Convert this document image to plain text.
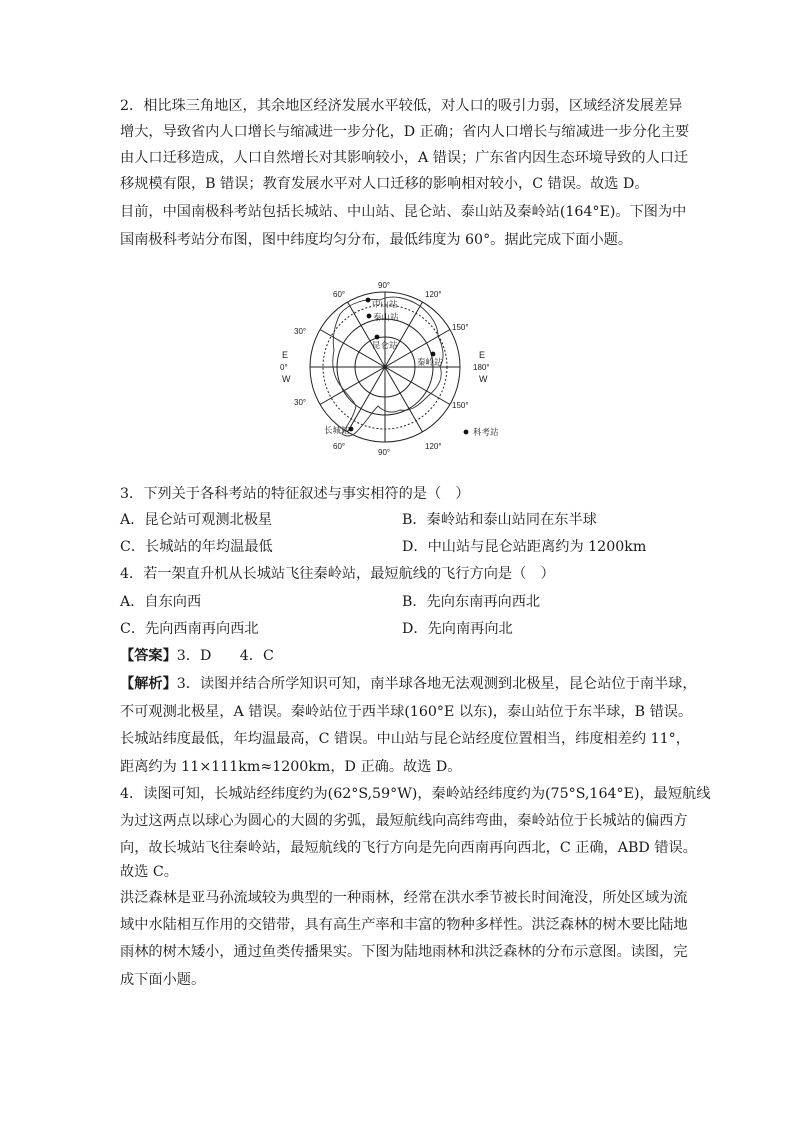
2．相比珠三角地区，其余地区经济发展水平较低，对人口的吸引力弱，区域经济发展差异
增大，导致省内人口增长与缩减进一步分化，D 正确；省内人口增长与缩减进一步分化主要
由人口迁移造成，人口自然增长对其影响较小，A 错误；广东省内因生态环境导致的人口迁
移规模有限，B 错误；教育发展水平对人口迁移的影响相对较小，C 错误。故选 D。
目前，中国南极科考站包括长城站、中山站、昆仑站、泰山站及秦岭站(164°E)。下图为中
国南极科考站分布图，图中纬度均匀分布，最低纬度为 60°。据此完成下面小题。
中山站
泰山站
昆仑站
秦岭站
长城站	科考站
90°
90°
60°	120°
30°	150°
30°	150°
60°	120°
E
0°
W
E
180°
W
3．下列关于各科考站的特征叙述与事实相符的是（　）
A．昆仑站可观测北极星	B．秦岭站和泰山站同在东半球
C．长城站的年均温最低	D．中山站与昆仑站距离约为 1200km
4．若一架直升机从长城站飞往秦岭站，最短航线的飞行方向是（　）
A．自东向西	B．先向东南再向西北
C．先向西南再向西北	D．先向南再向北
【答案】3．D　　4．C
【解析】3．读图并结合所学知识可知，南半球各地无法观测到北极星，昆仑站位于南半球，
不可观测北极星，A 错误。秦岭站位于西半球(160°E 以东)，泰山站位于东半球，B 错误。
长城站纬度最低，年均温最高，C 错误。中山站与昆仑站经度位置相当，纬度相差约 11°，
距离约为 11×111km≈1200km，D 正确。故选 D。
4．读图可知，长城站经纬度约为(62°S,59°W)，秦岭站经纬度约为(75°S,164°E)，最短航线
为过这两点以球心为圆心的大圆的劣弧，最短航线向高纬弯曲，秦岭站位于长城站的偏西方
向，故长城站飞往秦岭站，最短航线的飞行方向是先向西南再向西北，C 正确，ABD 错误。
故选 C。
洪泛森林是亚马孙流域较为典型的一种雨林，经常在洪水季节被长时间淹没，所处区域为流
域中水陆相互作用的交错带，具有高生产率和丰富的物种多样性。洪泛森林的树木要比陆地
雨林的树木矮小，通过鱼类传播果实。下图为陆地雨林和洪泛森林的分布示意图。读图，完
成下面小题。
